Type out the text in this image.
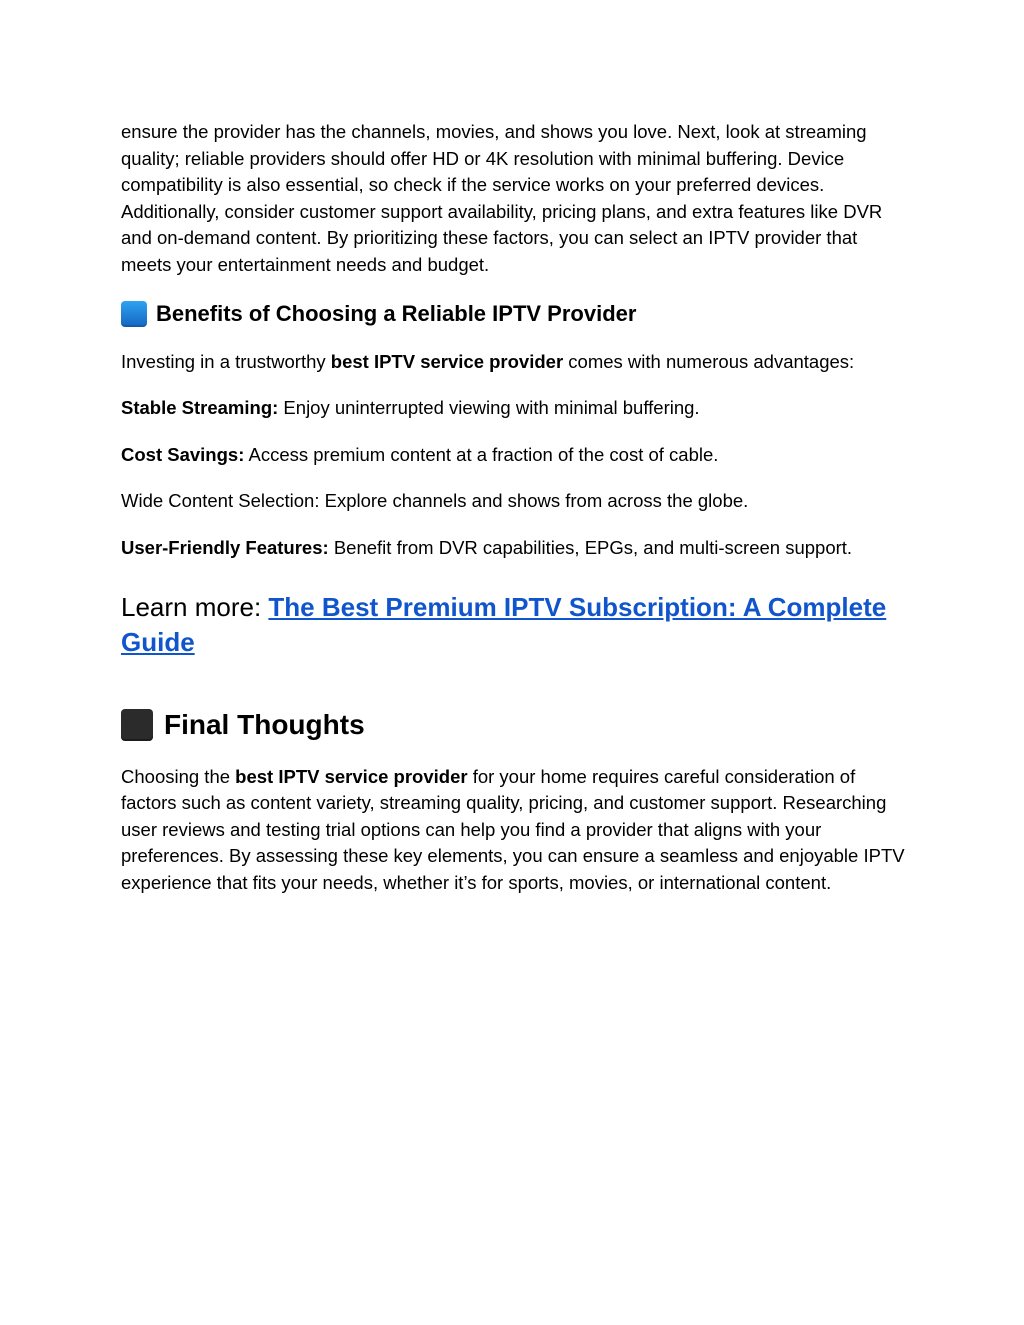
ensure the provider has the channels, movies, and shows you love. Next, look at streaming quality; reliable providers should offer HD or 4K resolution with minimal buffering. Device compatibility is also essential, so check if the service works on your preferred devices. Additionally, consider customer support availability, pricing plans, and extra features like DVR and on-demand content. By prioritizing these factors, you can select an IPTV provider that meets your entertainment needs and budget.

Benefits of Choosing a Reliable IPTV Provider

Investing in a trustworthy best IPTV service provider comes with numerous advantages:

Stable Streaming: Enjoy uninterrupted viewing with minimal buffering.

Cost Savings: Access premium content at a fraction of the cost of cable.

Wide Content Selection: Explore channels and shows from across the globe.

User-Friendly Features: Benefit from DVR capabilities, EPGs, and multi-screen support.

Learn more: The Best Premium IPTV Subscription: A Complete Guide
Final Thoughts

Choosing the best IPTV service provider for your home requires careful consideration of factors such as content variety, streaming quality, pricing, and customer support. Researching user reviews and testing trial options can help you find a provider that aligns with your preferences. By assessing these key elements, you can ensure a seamless and enjoyable IPTV experience that fits your needs, whether it’s for sports, movies, or international content.
